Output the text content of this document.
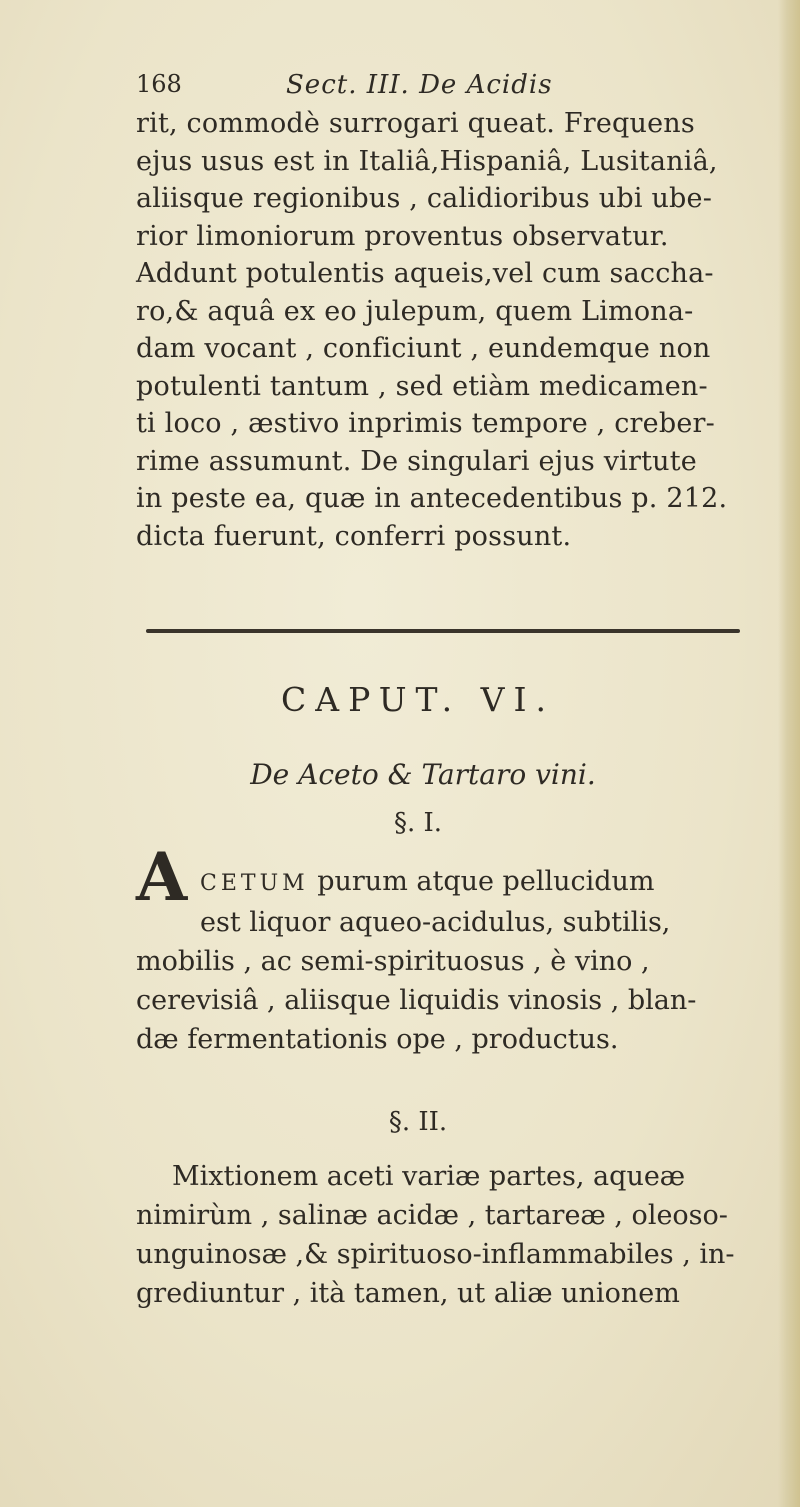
168	Sect. III. De Acidis
rit, commodè surrogari queat. Frequens
ejus usus est in Italiâ,Hispaniâ, Lusitaniâ,
aliisque regionibus , calidioribus ubi ube-
rior limoniorum proventus observatur.
Addunt potulentis aqueis,vel cum saccha-
ro,& aquâ ex eo julepum, quem Limona-
dam vocant , conficiunt , eundemque non
potulenti tantum , sed etiàm medicamen-
ti loco , æstivo inprimis tempore , creber-
rime assumunt. De singulari ejus virtute
in peste ea, quæ in antecedentibus p. 212.
dicta fuerunt, conferri possunt.
CAPUT. VI.
De Aceto & Tartaro vini.
§. I.
A CETUM purum atque pellucidum
est liquor aqueo-acidulus, subtilis,
mobilis , ac semi-spirituosus , è vino ,
cerevisiâ , aliisque liquidis vinosis , blan-
dæ fermentationis ope , productus.
§. II.
Mixtionem aceti variæ partes, aqueæ
nimirùm , salinæ acidæ , tartareæ , oleoso-
unguinosæ ,& spirituoso-inflammabiles , in-
grediuntur , ità tamen, ut aliæ unionem
